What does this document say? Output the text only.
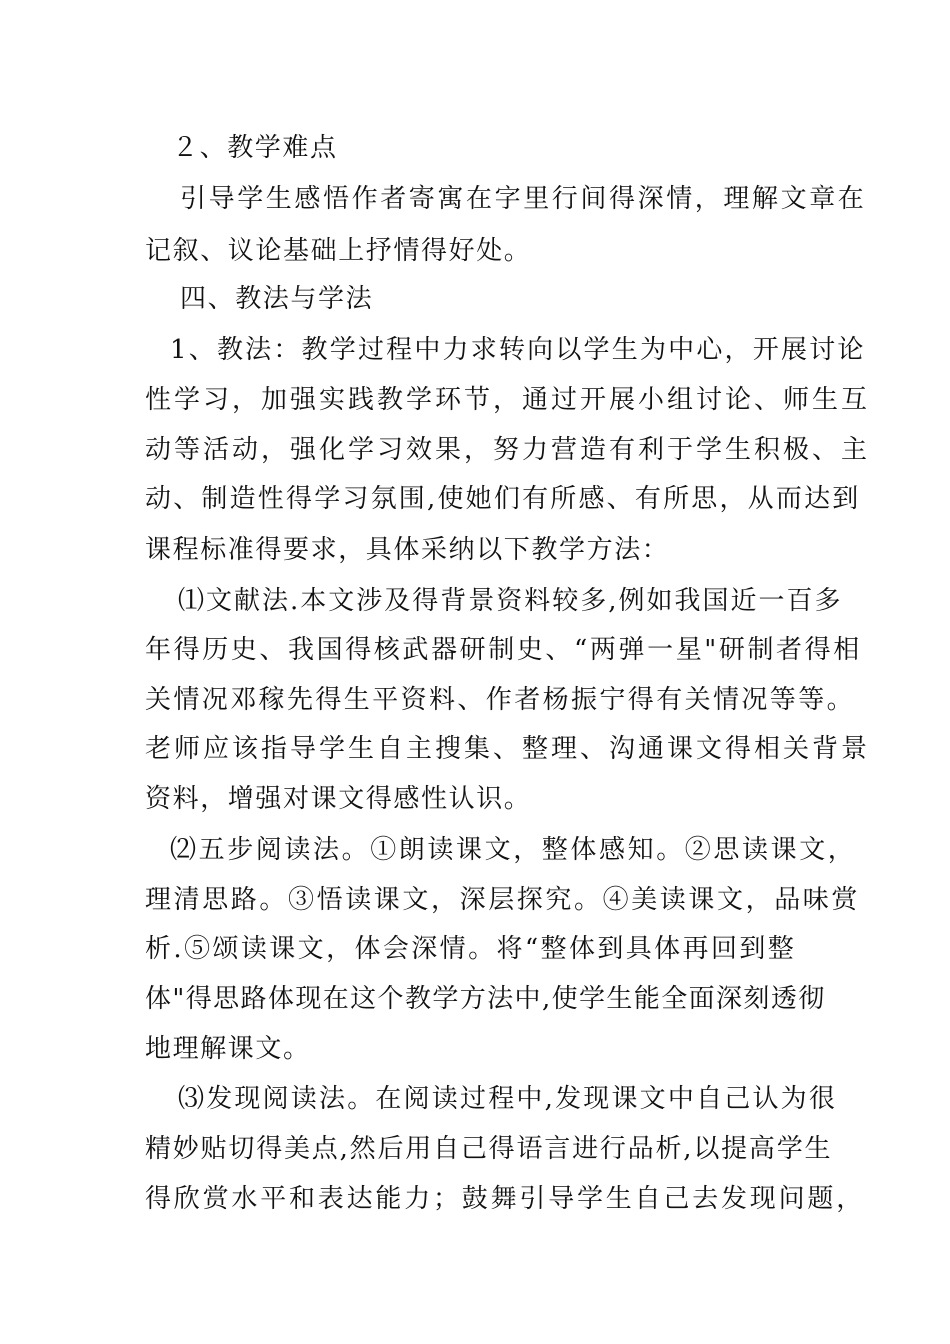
２、教学难点
引导学生感悟作者寄寓在字里行间得深情，理解文章在
记叙、议论基础上抒情得好处。
四、教法与学法
1、教法：教学过程中力求转向以学生为中心，开展讨论
性学习，加强实践教学环节，通过开展小组讨论、师生互
动等活动，强化学习效果，努力营造有利于学生积极、主
动、制造性得学习氛围,使她们有所感、有所思，从而达到
课程标准得要求，具体采纳以下教学方法：
⑴文献法.本文涉及得背景资料较多,例如我国近一百多
年得历史、我国得核武器研制史、“两弹一星"研制者得相
关情况邓稼先得生平资料、作者杨振宁得有关情况等等。
老师应该指导学生自主搜集、整理、沟通课文得相关背景
资料，增强对课文得感性认识。
⑵五步阅读法。①朗读课文，整体感知。②思读课文，
理清思路。③悟读课文，深层探究。④美读课文，品味赏
析.⑤颂读课文，体会深情。将“整体到具体再回到整
体"得思路体现在这个教学方法中,使学生能全面深刻透彻
地理解课文。
⑶发现阅读法。在阅读过程中,发现课文中自己认为很
精妙贴切得美点,然后用自己得语言进行品析,以提高学生
得欣赏水平和表达能力；鼓舞引导学生自己去发现问题，
